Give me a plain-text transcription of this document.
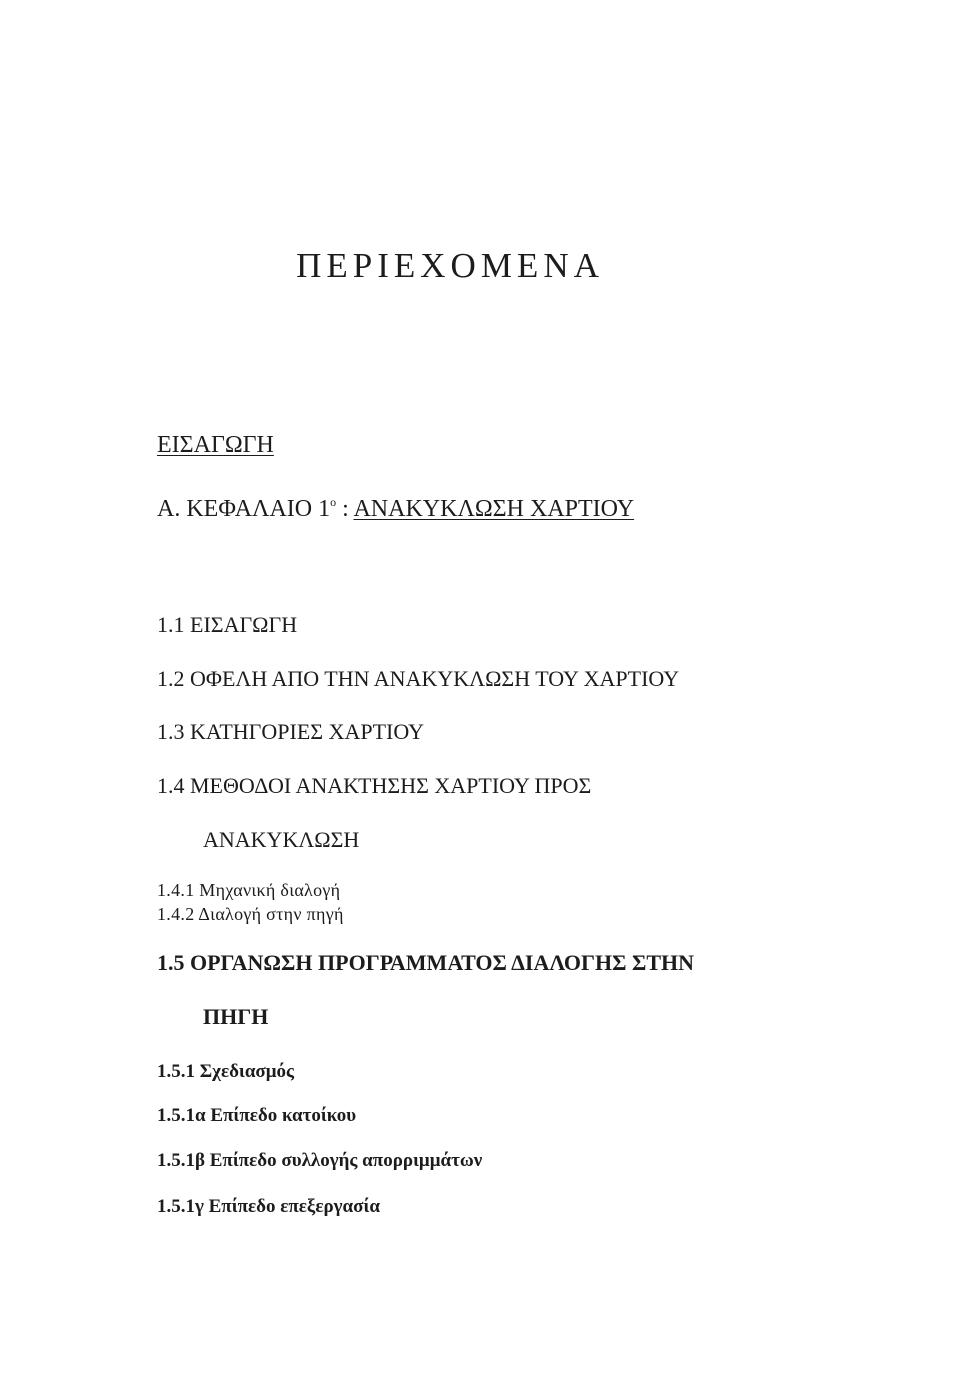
ΠΕΡΙΕΧΟΜΕΝΑ
ΕΙΣΑΓΩΓΗ
Α. ΚΕΦΑΛΑΙΟ $1^o$ : ΑΝΑΚΥΚΛΩΣΗ ΧΑΡΤΙΟΥ
1.1 ΕΙΣΑΓΩΓΗ
1.2 ΟΦΕΛΗ ΑΠΟ ΤΗΝ ΑΝΑΚΥΚΛΩΣΗ ΤΟΥ ΧΑΡΤΙΟΥ
1.3 ΚΑΤΗΓΟΡΙΕΣ ΧΑΡΤΙΟΥ
1.4 ΜΕΘΟΔΟΙ ΑΝΑΚΤΗΣΗΣ ΧΑΡΤΙΟΥ ΠΡΟΣ
ΑΝΑΚΥΚΛΩΣΗ
1.4.1 Μηχανική διαλογή
1.4.2 Διαλογή στην πηγή
1.5 ΟΡΓΑΝΩΣΗ ΠΡΟΓΡΑΜΜΑΤΟΣ ΔΙΑΛΟΓΗΣ ΣΤΗΝ
ΠΗΓΗ
1.5.1 Σχεδιασμός
1.5.1α Επίπεδο κατοίκου
1.5.1β Επίπεδο συλλογής απορριμμάτων
1.5.1γ Επίπεδο επεξεργασία
